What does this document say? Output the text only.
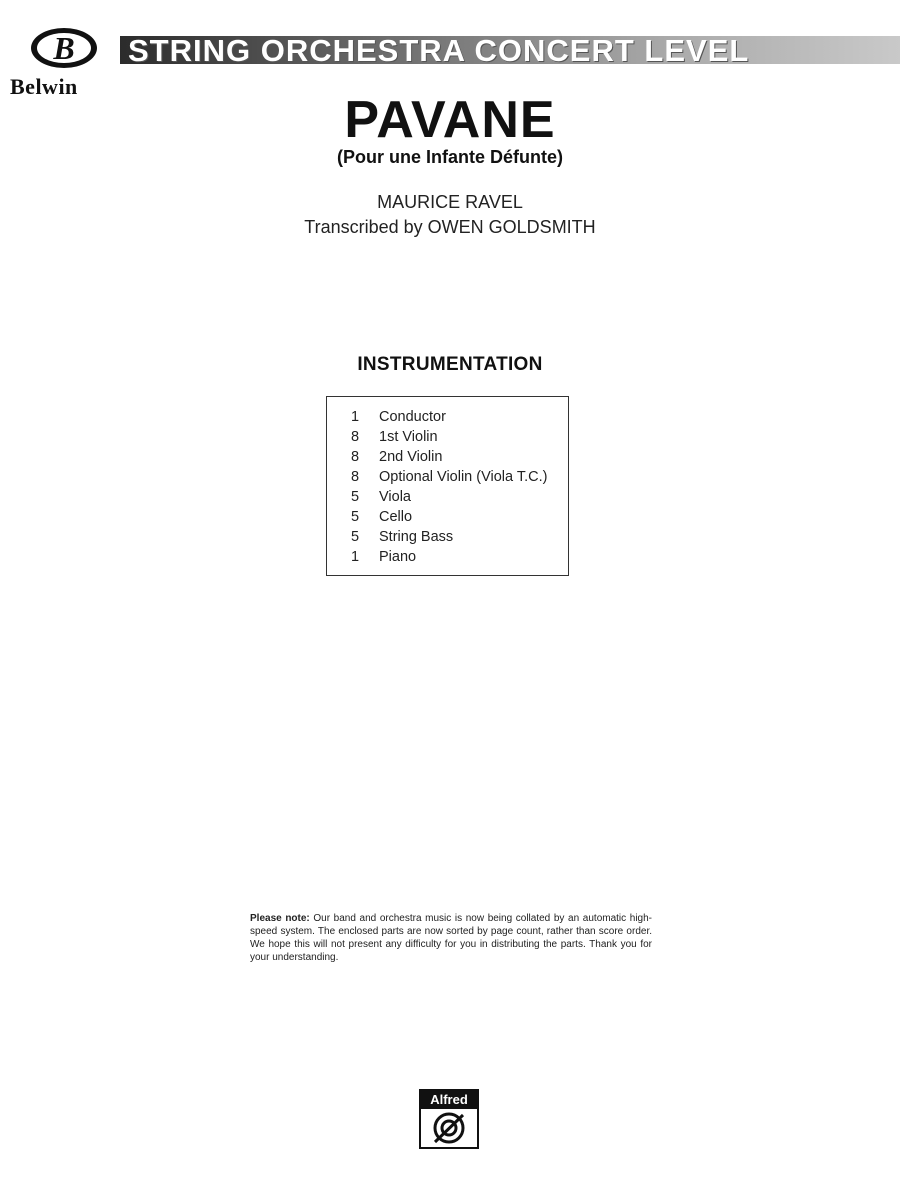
B
Belwin
STRING ORCHESTRA CONCERT LEVEL
PAVANE
(Pour une Infante Défunte)
MAURICE RAVEL
Transcribed by OWEN GOLDSMITH
INSTRUMENTATION
1 Conductor
8 1st Violin
8 2nd Violin
8 Optional Violin (Viola T.C.)
5 Viola
5 Cello
5 String Bass
1 Piano
Please note: Our band and orchestra music is now being collated by an automatic high-speed system. The enclosed parts are now sorted by page count, rather than score order. We hope this will not present any difficulty for you in distributing the parts. Thank you for your understanding.
Alfred
